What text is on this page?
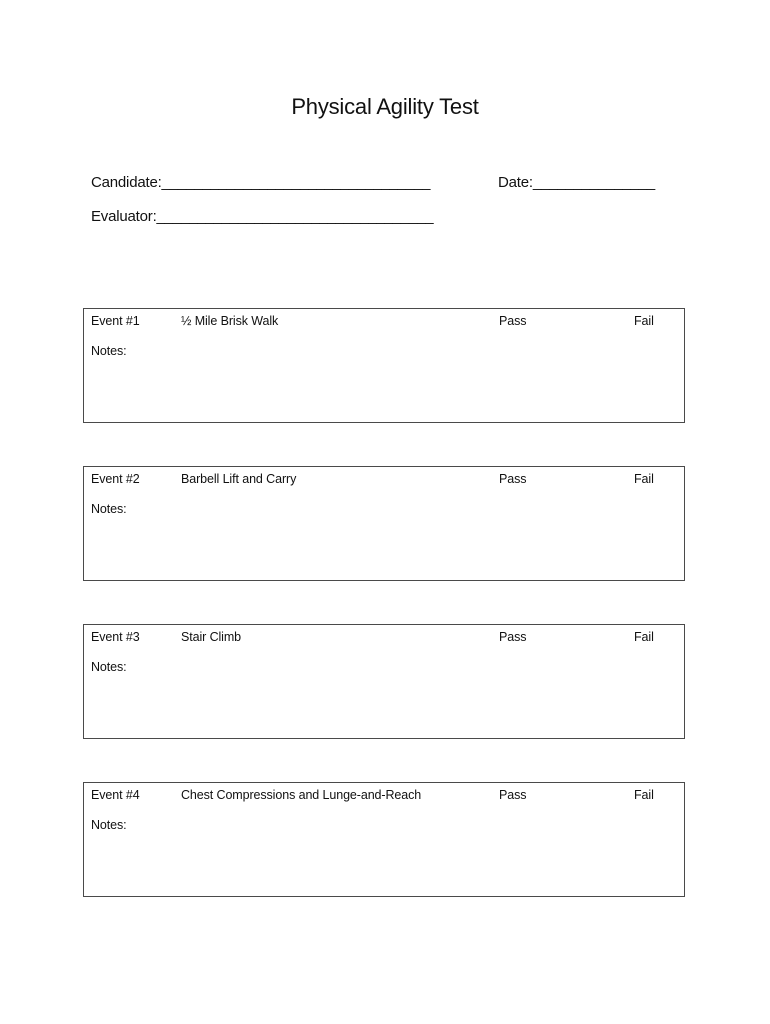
Physical Agility Test
Candidate:_________________________________	Date:_______________
Evaluator:__________________________________
Event #1	½ Mile Brisk Walk	Pass	Fail
Notes:
Event #2	Barbell Lift and Carry	Pass	Fail
Notes:
Event #3	Stair Climb	Pass	Fail
Notes:
Event #4	Chest Compressions and Lunge-and-Reach	Pass	Fail
Notes:
